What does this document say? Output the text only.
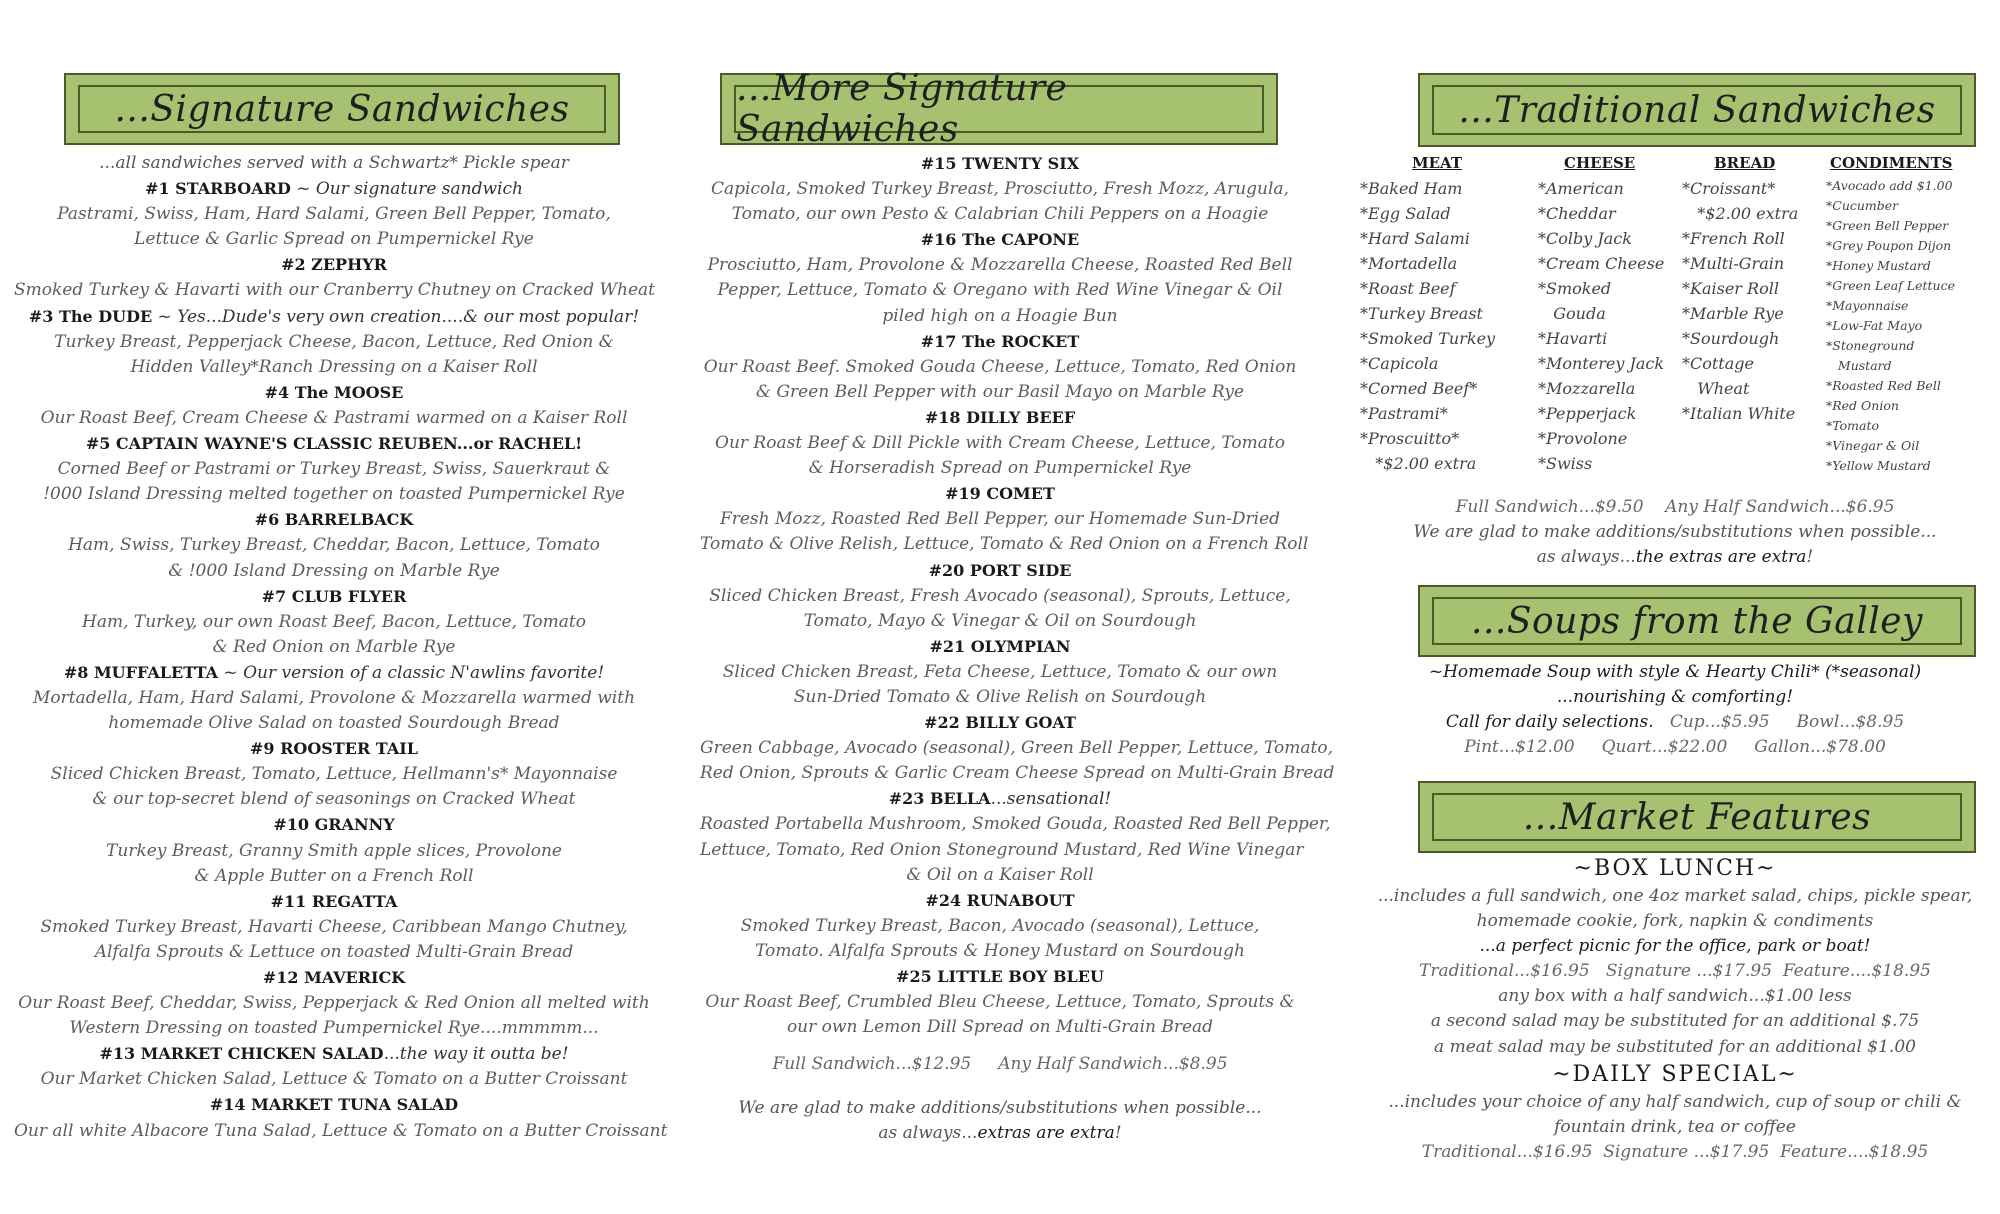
...Signature Sandwiches
...all sandwiches served with a Schwartz* Pickle spear
#1 STARBOARD ~ Our signature sandwich
Pastrami, Swiss, Ham, Hard Salami, Green Bell Pepper, Tomato,
Lettuce & Garlic Spread on Pumpernickel Rye
#2 ZEPHYR
Smoked Turkey & Havarti with our Cranberry Chutney on Cracked Wheat
#3 The DUDE ~ Yes...Dude's very own creation....& our most popular!
Turkey Breast, Pepperjack Cheese, Bacon, Lettuce, Red Onion &
Hidden Valley*Ranch Dressing on a Kaiser Roll
#4 The MOOSE
Our Roast Beef, Cream Cheese & Pastrami warmed on a Kaiser Roll
#5 CAPTAIN WAYNE'S CLASSIC REUBEN...or RACHEL!
Corned Beef or Pastrami or Turkey Breast, Swiss, Sauerkraut &
!000 Island Dressing melted together on toasted Pumpernickel Rye
#6 BARRELBACK
Ham, Swiss, Turkey Breast, Cheddar, Bacon, Lettuce, Tomato
& !000 Island Dressing on Marble Rye
#7 CLUB FLYER
Ham, Turkey, our own Roast Beef, Bacon, Lettuce, Tomato
& Red Onion on Marble Rye
#8 MUFFALETTA ~ Our version of a classic N'awlins favorite!
Mortadella, Ham, Hard Salami, Provolone & Mozzarella warmed with
homemade Olive Salad on toasted Sourdough Bread
#9 ROOSTER TAIL
Sliced Chicken Breast, Tomato, Lettuce, Hellmann's* Mayonnaise
& our top-secret blend of seasonings on Cracked Wheat
#10 GRANNY
Turkey Breast, Granny Smith apple slices, Provolone
& Apple Butter on a French Roll
#11 REGATTA
Smoked Turkey Breast, Havarti Cheese, Caribbean Mango Chutney,
Alfalfa Sprouts & Lettuce on toasted Multi-Grain Bread
#12 MAVERICK
Our Roast Beef, Cheddar, Swiss, Pepperjack & Red Onion all melted with
Western Dressing on toasted Pumpernickel Rye....mmmmm...
#13 MARKET CHICKEN SALAD...the way it outta be!
Our Market Chicken Salad, Lettuce & Tomato on a Butter Croissant
#14 MARKET TUNA SALAD
Our all white Albacore Tuna Salad, Lettuce & Tomato on a Butter Croissant
...More Signature Sandwiches
#15 TWENTY SIX
Capicola, Smoked Turkey Breast, Prosciutto, Fresh Mozz, Arugula,
Tomato, our own Pesto & Calabrian Chili Peppers on a Hoagie
#16 The CAPONE
Prosciutto, Ham, Provolone & Mozzarella Cheese, Roasted Red Bell
Pepper, Lettuce, Tomato & Oregano with Red Wine Vinegar & Oil
piled high on a Hoagie Bun
#17 The ROCKET
Our Roast Beef. Smoked Gouda Cheese, Lettuce, Tomato, Red Onion
& Green Bell Pepper with our Basil Mayo on Marble Rye
#18 DILLY BEEF
Our Roast Beef & Dill Pickle with Cream Cheese, Lettuce, Tomato
& Horseradish Spread on Pumpernickel Rye
#19 COMET
Fresh Mozz, Roasted Red Bell Pepper, our Homemade Sun-Dried
Tomato & Olive Relish, Lettuce, Tomato & Red Onion on a French Roll
#20 PORT SIDE
Sliced Chicken Breast, Fresh Avocado (seasonal), Sprouts, Lettuce,
Tomato, Mayo & Vinegar & Oil on Sourdough
#21 OLYMPIAN
Sliced Chicken Breast, Feta Cheese, Lettuce, Tomato & our own
Sun-Dried Tomato & Olive Relish on Sourdough
#22 BILLY GOAT
Green Cabbage, Avocado (seasonal), Green Bell Pepper, Lettuce, Tomato,
Red Onion, Sprouts & Garlic Cream Cheese Spread on Multi-Grain Bread
#23 BELLA...sensational!
Roasted Portabella Mushroom, Smoked Gouda, Roasted Red Bell Pepper,
Lettuce, Tomato, Red Onion Stoneground Mustard, Red Wine Vinegar
& Oil on a Kaiser Roll
#24 RUNABOUT
Smoked Turkey Breast, Bacon, Avocado (seasonal), Lettuce,
Tomato. Alfalfa Sprouts & Honey Mustard on Sourdough
#25 LITTLE BOY BLEU
Our Roast Beef, Crumbled Bleu Cheese, Lettuce, Tomato, Sprouts &
our own Lemon Dill Spread on Multi-Grain Bread
Full Sandwich...$12.95     Any Half Sandwich...$8.95
We are glad to make additions/substitutions when possible...
as always...extras are extra!
...Traditional Sandwiches
MEAT
*Baked Ham
*Egg Salad
*Hard Salami
*Mortadella
*Roast Beef
*Turkey Breast
*Smoked Turkey
*Capicola
*Corned Beef*
*Pastrami*
*Proscuitto*
*$2.00 extra
CHEESE
*American
*Cheddar
*Colby Jack
*Cream Cheese
*Smoked
Gouda
*Havarti
*Monterey Jack
*Mozzarella
*Pepperjack
*Provolone
*Swiss
BREAD
*Croissant*
*$2.00 extra
*French Roll
*Multi-Grain
*Kaiser Roll
*Marble Rye
*Sourdough
*Cottage
Wheat
*Italian White
CONDIMENTS
*Avocado add $1.00
*Cucumber
*Green Bell Pepper
*Grey Poupon Dijon
*Honey Mustard
*Green Leaf Lettuce
*Mayonnaise
*Low-Fat Mayo
*Stoneground
Mustard
*Roasted Red Bell
*Red Onion
*Tomato
*Vinegar & Oil
*Yellow Mustard
Full Sandwich...$9.50    Any Half Sandwich...$6.95
We are glad to make additions/substitutions when possible...
as always...the extras are extra!
...Soups from the Galley
~Homemade Soup with style & Hearty Chili* (*seasonal)
...nourishing & comforting!
Call for daily selections.   Cup...$5.95     Bowl...$8.95
Pint...$12.00     Quart...$22.00     Gallon...$78.00
...Market Features
~BOX LUNCH~
...includes a full sandwich, one 4oz market salad, chips, pickle spear,
homemade cookie, fork, napkin & condiments
...a perfect picnic for the office, park or boat!
Traditional...$16.95   Signature ...$17.95  Feature....$18.95
any box with a half sandwich...$1.00 less
a second salad may be substituted for an additional $.75
a meat salad may be substituted for an additional $1.00
~DAILY SPECIAL~
...includes your choice of any half sandwich, cup of soup or chili &
fountain drink, tea or coffee
Traditional...$16.95  Signature ...$17.95  Feature....$18.95
